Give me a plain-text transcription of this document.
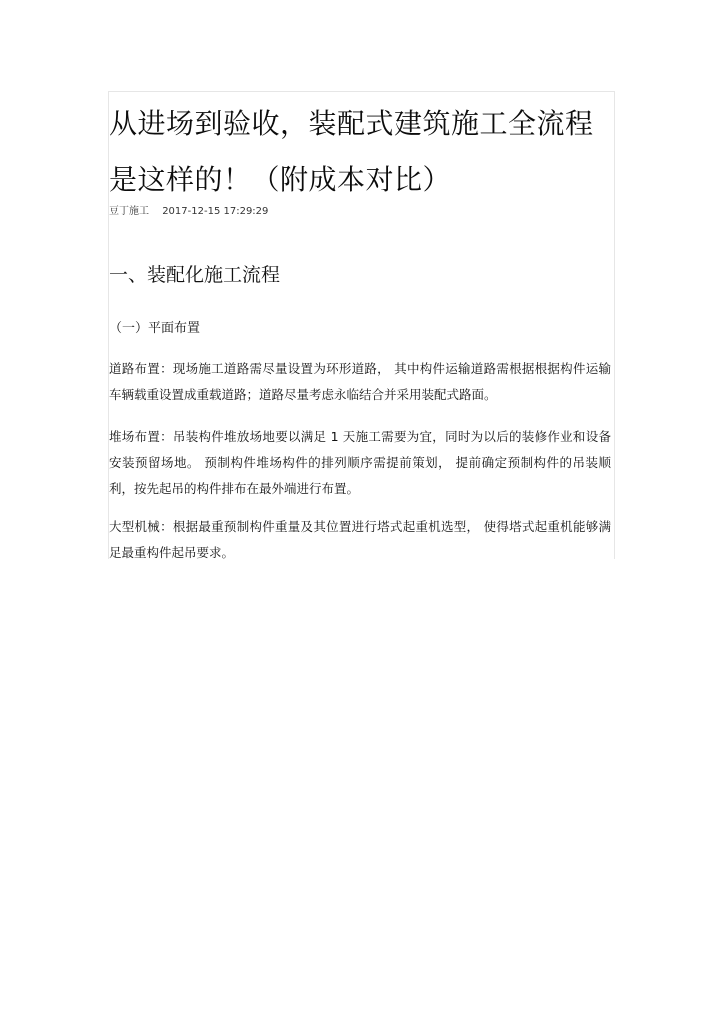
从进场到验收，装配式建筑施工全流程是这样的！（附成本对比）
豆丁施工 2017-12-15 17:29:29
一、装配化施工流程

（一）平面布置

道路布置：现场施工道路需尽量设置为环形道路， 其中构件运输道路需根据根据构件运输车辆载重设置成重载道路；道路尽量考虑永临结合并采用装配式路面。

堆场布置：吊装构件堆放场地要以满足 1 天施工需要为宜，同时为以后的装修作业和设备安装预留场地。 预制构件堆场构件的排列顺序需提前策划， 提前确定预制构件的吊装顺利，按先起吊的构件排布在最外端进行布置。

大型机械：根据最重预制构件重量及其位置进行塔式起重机选型， 使得塔式起重机能够满足最重构件起吊要求。
